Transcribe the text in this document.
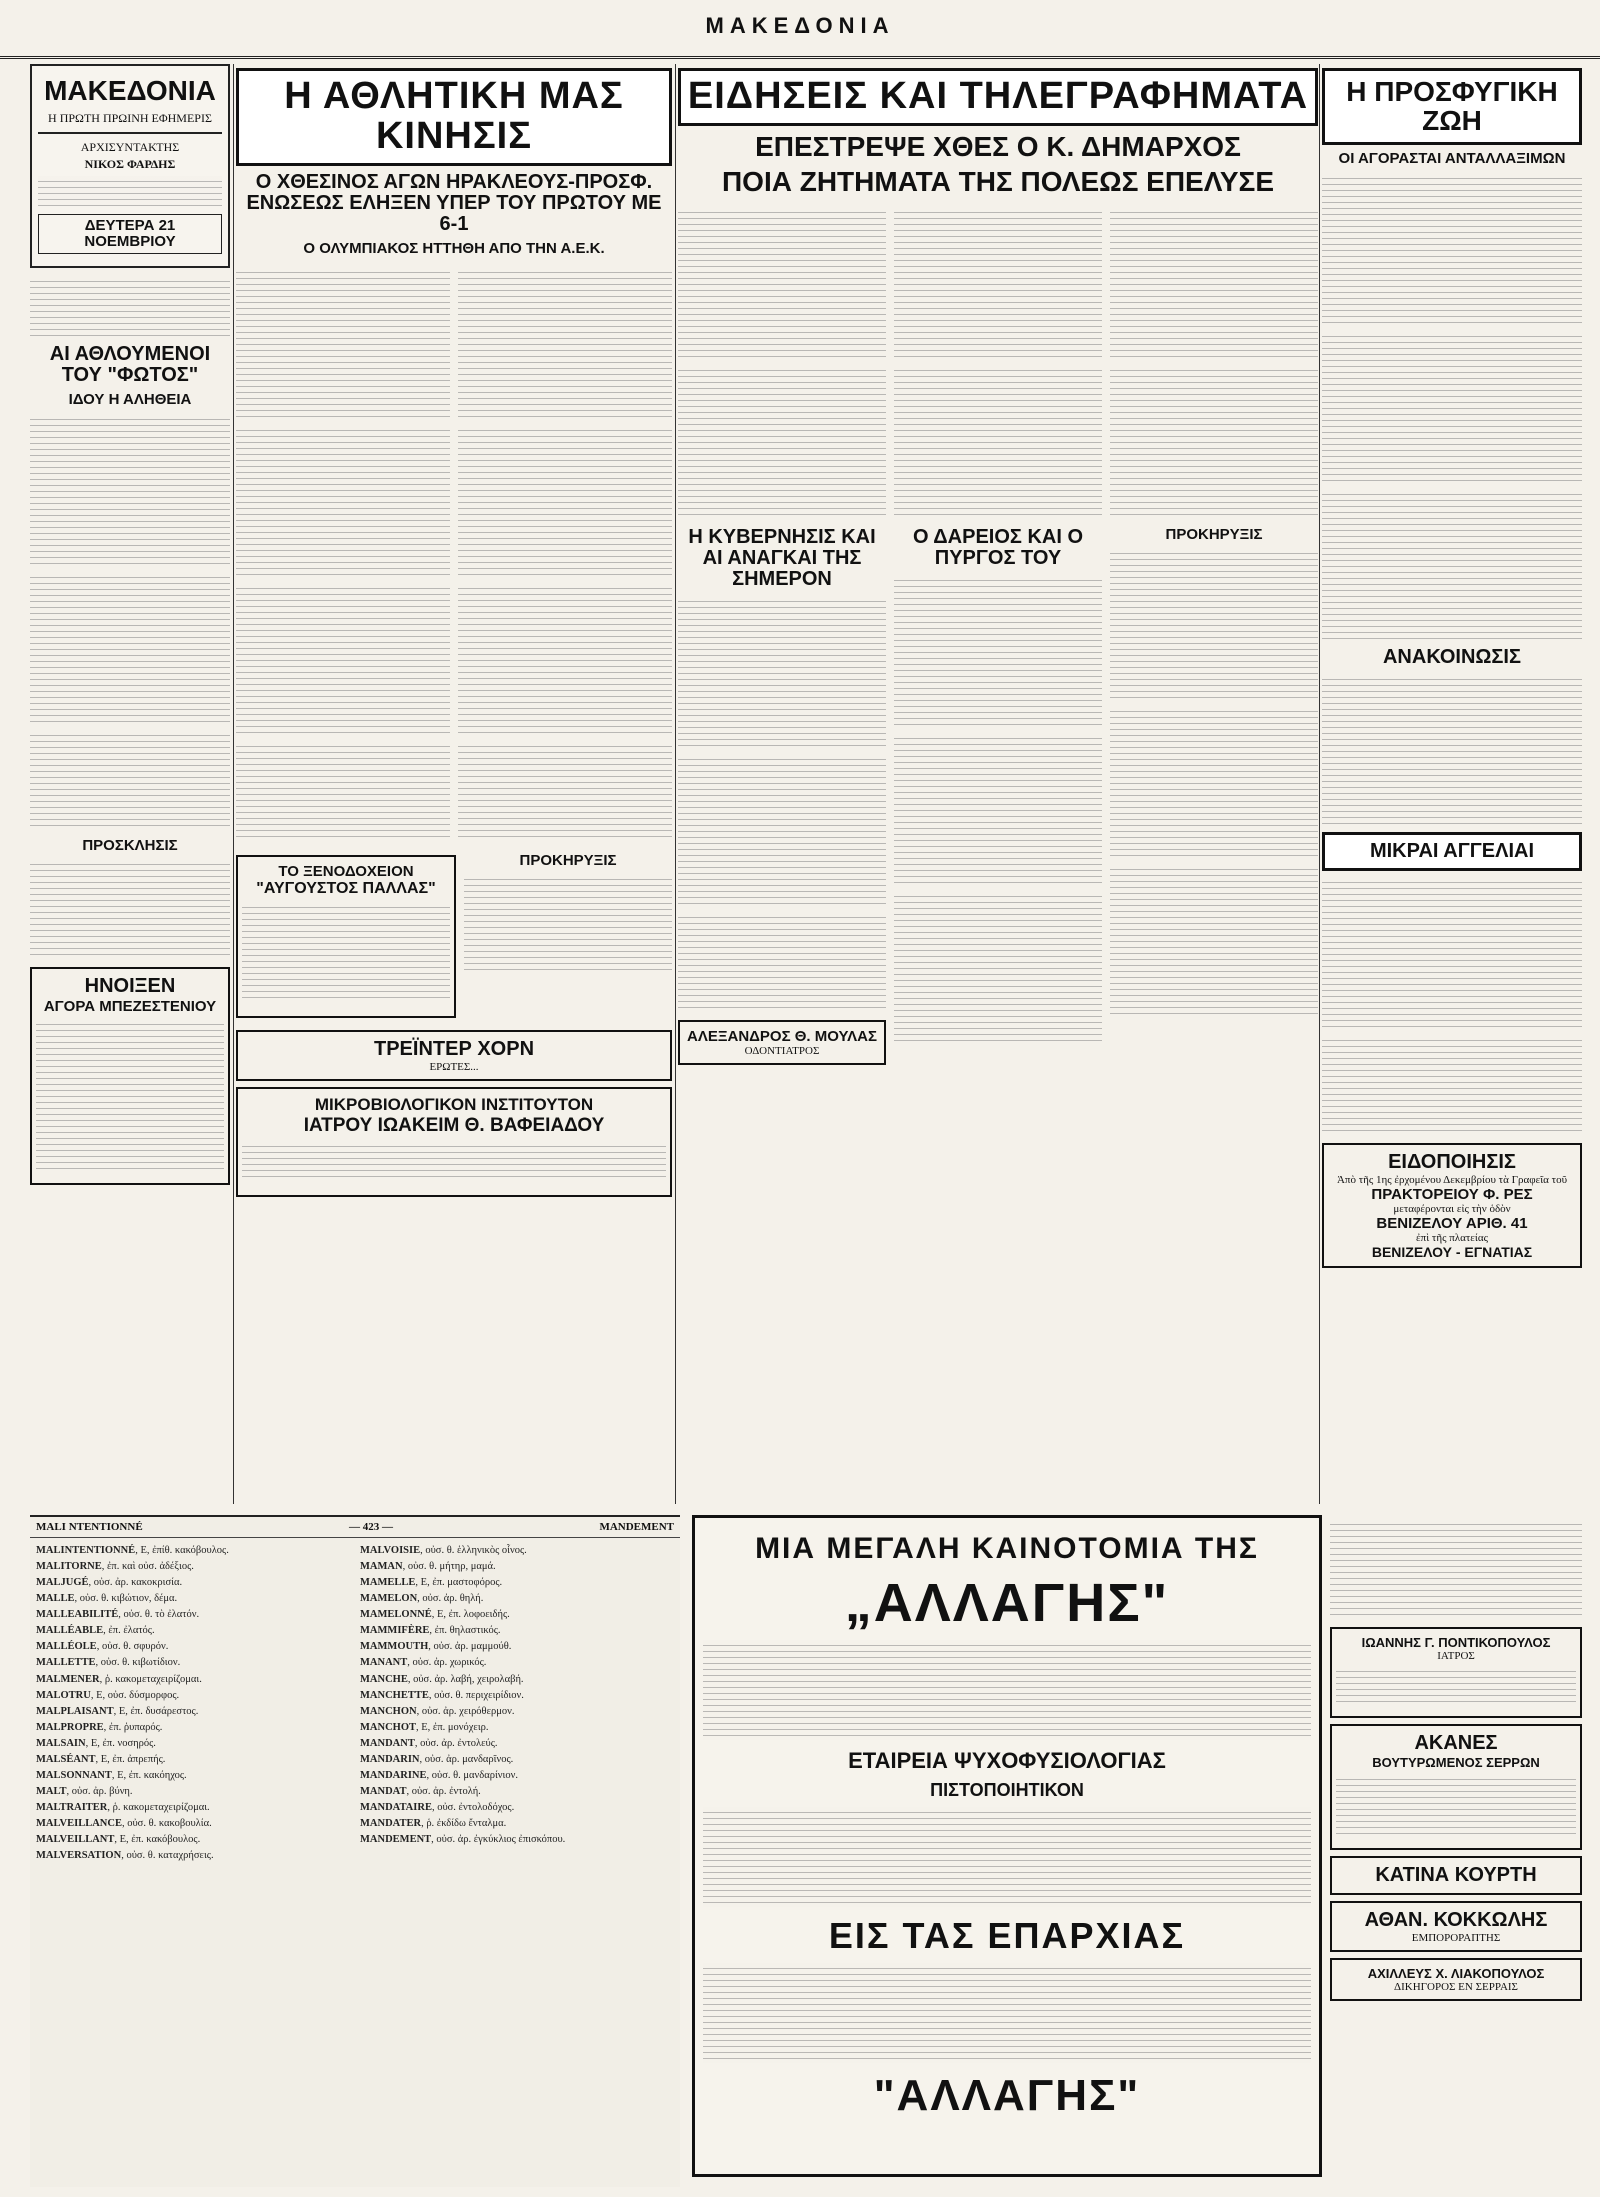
ΜΑΚΕΔΟΝΙΑ
ΜΑΚΕΔΟΝΙΑ
Η ΠΡΩΤΗ ΠΡΩΙΝΗ ΕΦΗΜΕΡΙΣ
ΑΡΧΙΣΥΝΤΑΚΤΗΣ
ΝΙΚΟΣ ΦΑΡΔΗΣ
ΔΕΥΤΕΡΑ 21 ΝΟΕΜΒΡΙΟΥ
ΑΙ ΑΘΛΟΥΜΕΝΟΙ ΤΟΥ "ΦΩΤΟΣ"
ΙΔΟΥ Η ΑΛΗΘΕΙΑ
ΠΡΟΣΚΛΗΣΙΣ
ΗΝΟΙΞΕΝ
ΑΓΟΡΑ ΜΠΕΖΕΣΤΕΝΙΟΥ
Η ΑΘΛΗΤΙΚΗ ΜΑΣ ΚΙΝΗΣΙΣ
Ο ΧΘΕΣΙΝΟΣ ΑΓΩΝ ΗΡΑΚΛΕΟΥΣ-ΠΡΟΣΦ. ΕΝΩΣΕΩΣ ΕΛΗΞΕΝ ΥΠΕΡ ΤΟΥ ΠΡΩΤΟΥ ΜΕ 6-1
Ο ΟΛΥΜΠΙΑΚΟΣ ΗΤΤΗΘΗ ΑΠΟ ΤΗΝ Α.Ε.Κ.
ΤΟ ΞΕΝΟΔΟΧΕΙΟΝ
"ΑΥΓΟΥΣΤΟΣ ΠΑΛΛΑΣ"
ΠΡΟΚΗΡΥΞΙΣ
ΤΡΕΪΝΤΕΡ ΧΟΡΝ
ΕΡΩΤΕΣ...
ΜΙΚΡΟΒΙΟΛΟΓΙΚΟΝ ΙΝΣΤΙΤΟΥΤΟΝ
ΙΑΤΡΟΥ ΙΩΑΚΕΙΜ Θ. ΒΑΦΕΙΑΔΟΥ
ΕΙΔΗΣΕΙΣ ΚΑΙ ΤΗΛΕΓΡΑΦΗΜΑΤΑ
ΕΠΕΣΤΡΕΨΕ ΧΘΕΣ Ο Κ. ΔΗΜΑΡΧΟΣ
ΠΟΙΑ ΖΗΤΗΜΑΤΑ ΤΗΣ ΠΟΛΕΩΣ ΕΠΕΛΥΣΕ
Η ΚΥΒΕΡΝΗΣΙΣ ΚΑΙ ΑΙ ΑΝΑΓΚΑΙ ΤΗΣ ΣΗΜΕΡΟΝ
ΑΛΕΞΑΝΔΡΟΣ Θ. ΜΟΥΛΑΣ
ΟΔΟΝΤΙΑΤΡΟΣ
Ο ΔΑΡΕΙΟΣ ΚΑΙ Ο ΠΥΡΓΟΣ ΤΟΥ
ΠΡΟΚΗΡΥΞΙΣ
Η ΠΡΟΣΦΥΓΙΚΗ ΖΩΗ
ΟΙ ΑΓΟΡΑΣΤΑΙ ΑΝΤΑΛΛΑΞΙΜΩΝ
ΑΝΑΚΟΙΝΩΣΙΣ
ΜΙΚΡΑΙ ΑΓΓΕΛΙΑΙ
ΕΙΔΟΠΟΙΗΣΙΣ
Ἀπὸ τῆς 1ης ἐρχομένου Δεκεμβρίου τὰ Γραφεῖα τοῦ
ΠΡΑΚΤΟΡΕΙΟΥ Φ. ΡΕΣ
μεταφέρονται εἰς τὴν ὁδὸν
ΒΕΝΙΖΕΛΟΥ ΑΡΙΘ. 41
ἐπὶ τῆς πλατείας
ΒΕΝΙΖΕΛΟΥ - ΕΓΝΑΤΙΑΣ
MALI NTENTIONNÉ	— 423 —	MANDEMENT

MALINTENTIONNÉ, E, ἐπίθ. κακόβουλος.

MALITORNE, ἐπ. καὶ οὐσ. ἀδέξιος.

MALJUGÉ, οὐσ. ἀρ. κακοκρισία.

MALLE, οὐσ. θ. κιβώτιον, δέμα.

MALLEABILITÉ, οὐσ. θ. τὸ ἐλατόν.

MALLÉABLE, ἐπ. ἐλατός.

MALLÉOLE, οὐσ. θ. σφυρόν.

MALLETTE, οὐσ. θ. κιβωτίδιον.

MALMENER, ῥ. κακομεταχειρίζομαι.

MALOTRU, E, οὐσ. δύσμορφος.

MALPLAISANT, E, ἐπ. δυσάρεστος.

MALPROPRE, ἐπ. ῥυπαρός.

MALSAIN, E, ἐπ. νοσηρός.

MALSÉANT, E, ἐπ. ἀπρεπής.

MALSONNANT, E, ἐπ. κακόηχος.

MALT, οὐσ. ἀρ. βύνη.

MALTRAITER, ῥ. κακομεταχειρίζομαι.

MALVEILLANCE, οὐσ. θ. κακοβουλία.

MALVEILLANT, E, ἐπ. κακόβουλος.

MALVERSATION, οὐσ. θ. καταχρήσεις.

MALVOISIE, οὐσ. θ. ἑλληνικὸς οἶνος.

MAMAN, οὐσ. θ. μήτηρ, μαμά.

MAMELLE, E, ἐπ. μαστοφόρος.

MAMELON, οὐσ. ἀρ. θηλή.

MAMELONNÉ, E, ἐπ. λοφοειδής.

MAMMIFÈRE, ἐπ. θηλαστικός.

MAMMOUTH, οὐσ. ἀρ. μαμμούθ.

MANANT, οὐσ. ἀρ. χωρικός.

MANCHE, οὐσ. ἀρ. λαβή, χειρολαβή.

MANCHETTE, οὐσ. θ. περιχειρίδιον.

MANCHON, οὐσ. ἀρ. χειρόθερμον.

MANCHOT, E, ἐπ. μονόχειρ.

MANDANT, οὐσ. ἀρ. ἐντολεύς.

MANDARIN, οὐσ. ἀρ. μανδαρῖνος.

MANDARINE, οὐσ. θ. μανδαρίνιον.

MANDAT, οὐσ. ἀρ. ἐντολή.

MANDATAIRE, οὐσ. ἐντολοδόχος.

MANDATER, ῥ. ἐκδίδω ἔνταλμα.

MANDEMENT, οὐσ. ἀρ. ἐγκύκλιος ἐπισκόπου.

ΜΙΑ ΜΕΓΑΛΗ ΚΑΙΝΟΤΟΜΙΑ ΤΗΣ
„ΑΛΛΑΓΗΣ"
ΕΤΑΙΡΕΙΑ ΨΥΧΟΦΥΣΙΟΛΟΓΙΑΣ
ΠΙΣΤΟΠΟΙΗΤΙΚΟΝ
ΕΙΣ ΤΑΣ ΕΠΑΡΧΙΑΣ
"ΑΛΛΑΓΗΣ"
ΙΩΑΝΝΗΣ Γ. ΠΟΝΤΙΚΟΠΟΥΛΟΣ
ΙΑΤΡΟΣ
ΑΚΑΝΕΣ
ΒΟΥΤΥΡΩΜΕΝΟΣ ΣΕΡΡΩΝ
ΚΑΤΙΝΑ ΚΟΥΡΤΗ
ΑΘΑΝ. ΚΟΚΚΩΛΗΣ
ΕΜΠΟΡΟΡΑΠΤΗΣ
ΑΧΙΛΛΕΥΣ Χ. ΛΙΑΚΟΠΟΥΛΟΣ
ΔΙΚΗΓΟΡΟΣ ΕΝ ΣΕΡΡΑΙΣ
